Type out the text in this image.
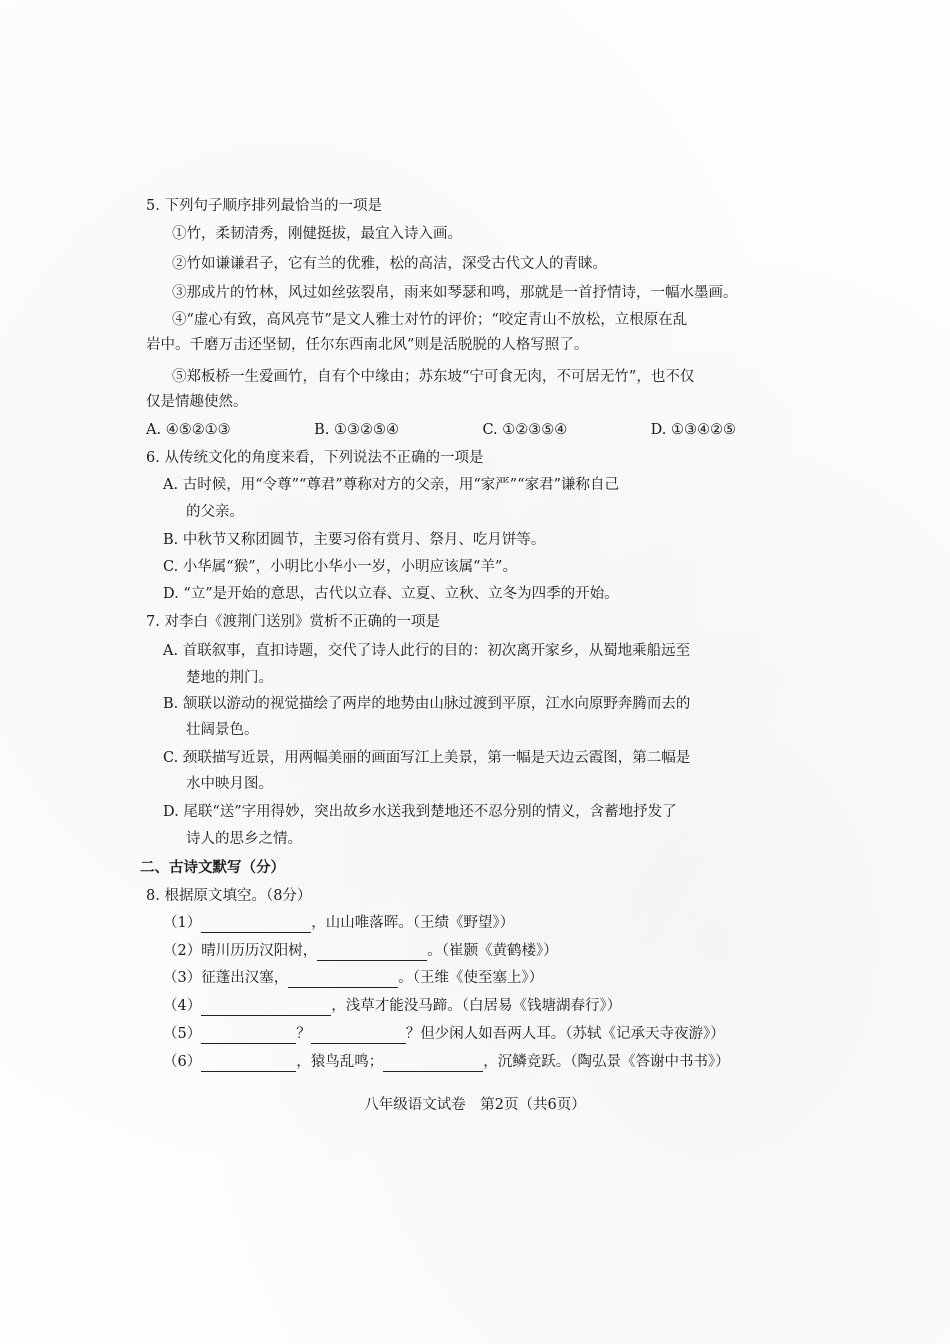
5. 下列句子顺序排列最恰当的一项是
①竹，柔韧清秀，刚健挺拔，最宜入诗入画。
②竹如谦谦君子，它有兰的优雅，松的高洁，深受古代文人的青睐。
③那成片的竹林，风过如丝弦裂帛，雨来如琴瑟和鸣，那就是一首抒情诗，一幅水墨画。
④“虚心有致，高风亮节”是文人雅士对竹的评价；“咬定青山不放松，立根原在乱
岩中。千磨万击还坚韧，任尔东西南北风”则是活脱脱的人格写照了。
⑤郑板桥一生爱画竹，自有个中缘由；苏东坡“宁可食无肉，不可居无竹”，也不仅
仅是情趣使然。
A. ④⑤②①③	B. ①③②⑤④	C. ①②③⑤④	D. ①③④②⑤
6. 从传统文化的角度来看，下列说法不正确的一项是
A. 古时候，用“令尊”“尊君”尊称对方的父亲，用“家严”“家君”谦称自己
的父亲。
B. 中秋节又称团圆节，主要习俗有赏月、祭月、吃月饼等。
C. 小华属“猴”，小明比小华小一岁，小明应该属“羊”。
D. “立”是开始的意思，古代以立春、立夏、立秋、立冬为四季的开始。
7. 对李白《渡荆门送别》赏析不正确的一项是
A. 首联叙事，直扣诗题，交代了诗人此行的目的：初次离开家乡，从蜀地乘船远至
楚地的荆门。
B. 颔联以游动的视觉描绘了两岸的地势由山脉过渡到平原，江水向原野奔腾而去的
壮阔景色。
C. 颈联描写近景，用两幅美丽的画面写江上美景，第一幅是天边云霞图，第二幅是
水中映月图。
D. 尾联“送”字用得妙，突出故乡水送我到楚地还不忍分别的情义，含蓄地抒发了
诗人的思乡之情。
二、古诗文默写（分）
8. 根据原文填空。（8分）
（1）	，山山唯落晖。（王绩《野望》）
（2）晴川历历汉阳树，	。（崔颢《黄鹤楼》）
（3）征蓬出汉塞，	。（王维《使至塞上》）
（4）	，浅草才能没马蹄。（白居易《钱塘湖春行》）
（5）	？	？但少闲人如吾两人耳。（苏轼《记承天寺夜游》）
（6）	，猿鸟乱鸣；	，沉鳞竞跃。（陶弘景《答谢中书书》）
八年级语文试卷　第2页（共6页）
